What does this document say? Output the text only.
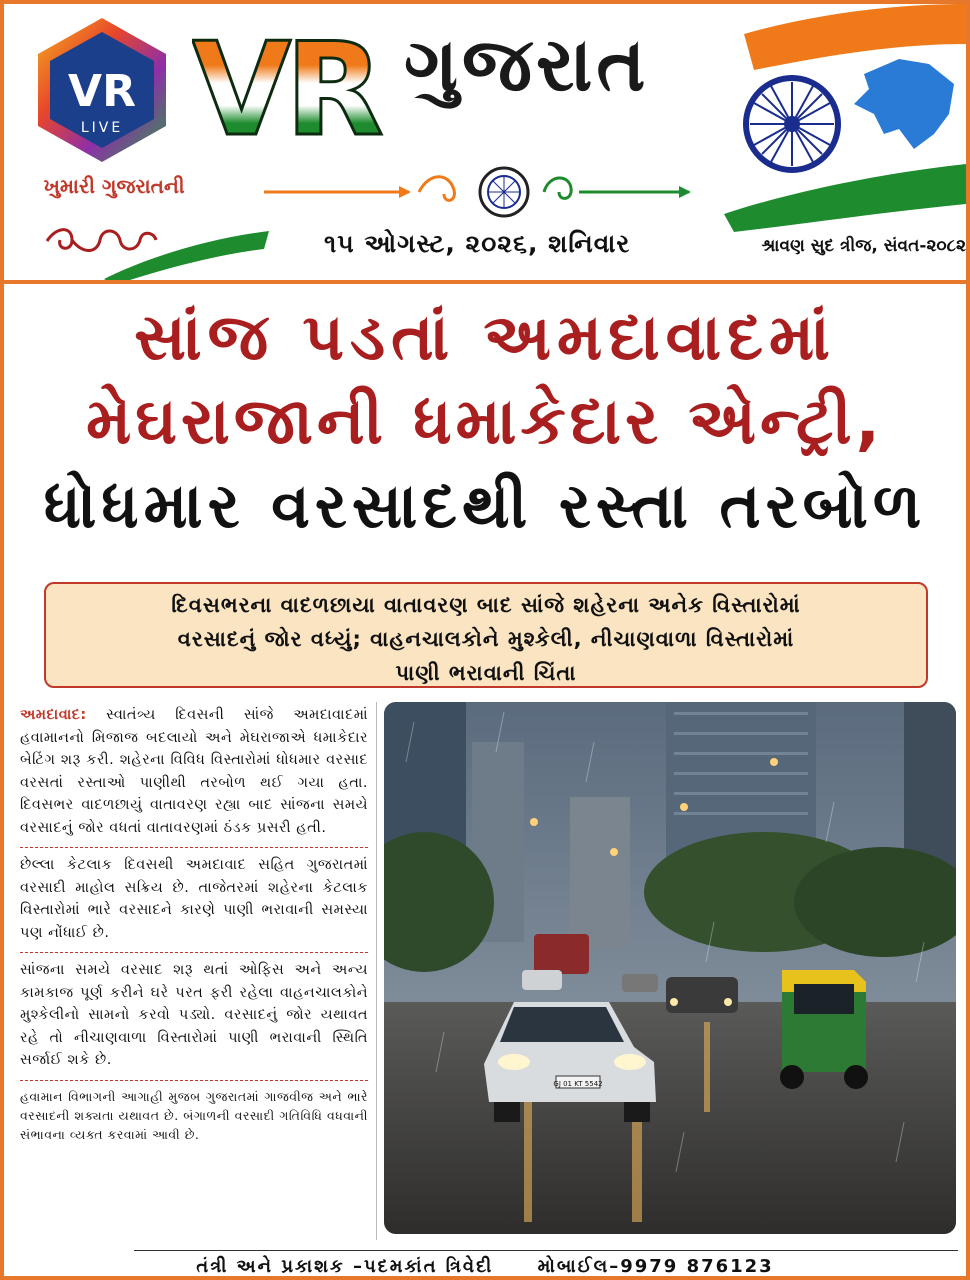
VR
LIVE
ખુમારી ગુજરાતની
VR ગુજરાત
૧૫ ઓગસ્ટ, ૨૦૨૬, શનિવાર	શ્રાવણ સુદ ત્રીજ, સંવત-૨૦૮૨
સાંજ પડતાં અમદાવાદમાં
મેઘરાજાની ધમાકેદાર એન્ટ્રી,
ધોધમાર વરસાદથી રસ્તા તરબોળ
દિવસભરના વાદળછાયા વાતાવરણ બાદ સાંજે શહેરના અનેક વિસ્તારોમાં
વરસાદનું જોર વધ્યું; વાહનચાલકોને મુશ્કેલી, નીચાણવાળા વિસ્તારોમાં
પાણી ભરાવાની ચિંતા
અમદાવાદ: સ્વાતંત્ર્ય દિવસની સાંજે અમદાવાદમાં હવામાનનો મિજાજ બદલાયો અને મેઘરાજાએ ધમાકેદાર બેટિંગ શરૂ કરી. શહેરના વિવિધ વિસ્તારોમાં ધોધમાર વરસાદ વરસતાં રસ્તાઓ પાણીથી તરબોળ થઈ ગયા હતા. દિવસભર વાદળછાયું વાતાવરણ રહ્યા બાદ સાંજના સમયે વરસાદનું જોર વધતાં વાતાવરણમાં ઠંડક પ્રસરી હતી.
છેલ્લા કેટલાક દિવસથી અમદાવાદ સહિત ગુજરાતમાં વરસાદી માહોલ સક્રિય છે. તાજેતરમાં શહેરના કેટલાક વિસ્તારોમાં ભારે વરસાદને કારણે પાણી ભરાવાની સમસ્યા પણ નોંધાઈ છે.
સાંજના સમયે વરસાદ શરૂ થતાં ઓફિસ અને અન્ય કામકાજ પૂર્ણ કરીને ઘરે પરત ફરી રહેલા વાહનચાલકોને મુશ્કેલીનો સામનો કરવો પડ્યો. વરસાદનું જોર યથાવત રહે તો નીચાણવાળા વિસ્તારોમાં પાણી ભરાવાની સ્થિતિ સર્જાઈ શકે છે.
હવામાન વિભાગની આગાહી મુજબ ગુજરાતમાં ગાજવીજ અને ભારે વરસાદની શક્યતા યથાવત છે. બંગાળની વરસાદી ગતિવિધિ વધવાની સંભાવના વ્યક્ત કરવામાં આવી છે.
GJ 01 KT 5542
તંત્રી અને પ્રકાશક –પદમકાંત ત્રિવેદી મોબાઈલ–9979 876123
